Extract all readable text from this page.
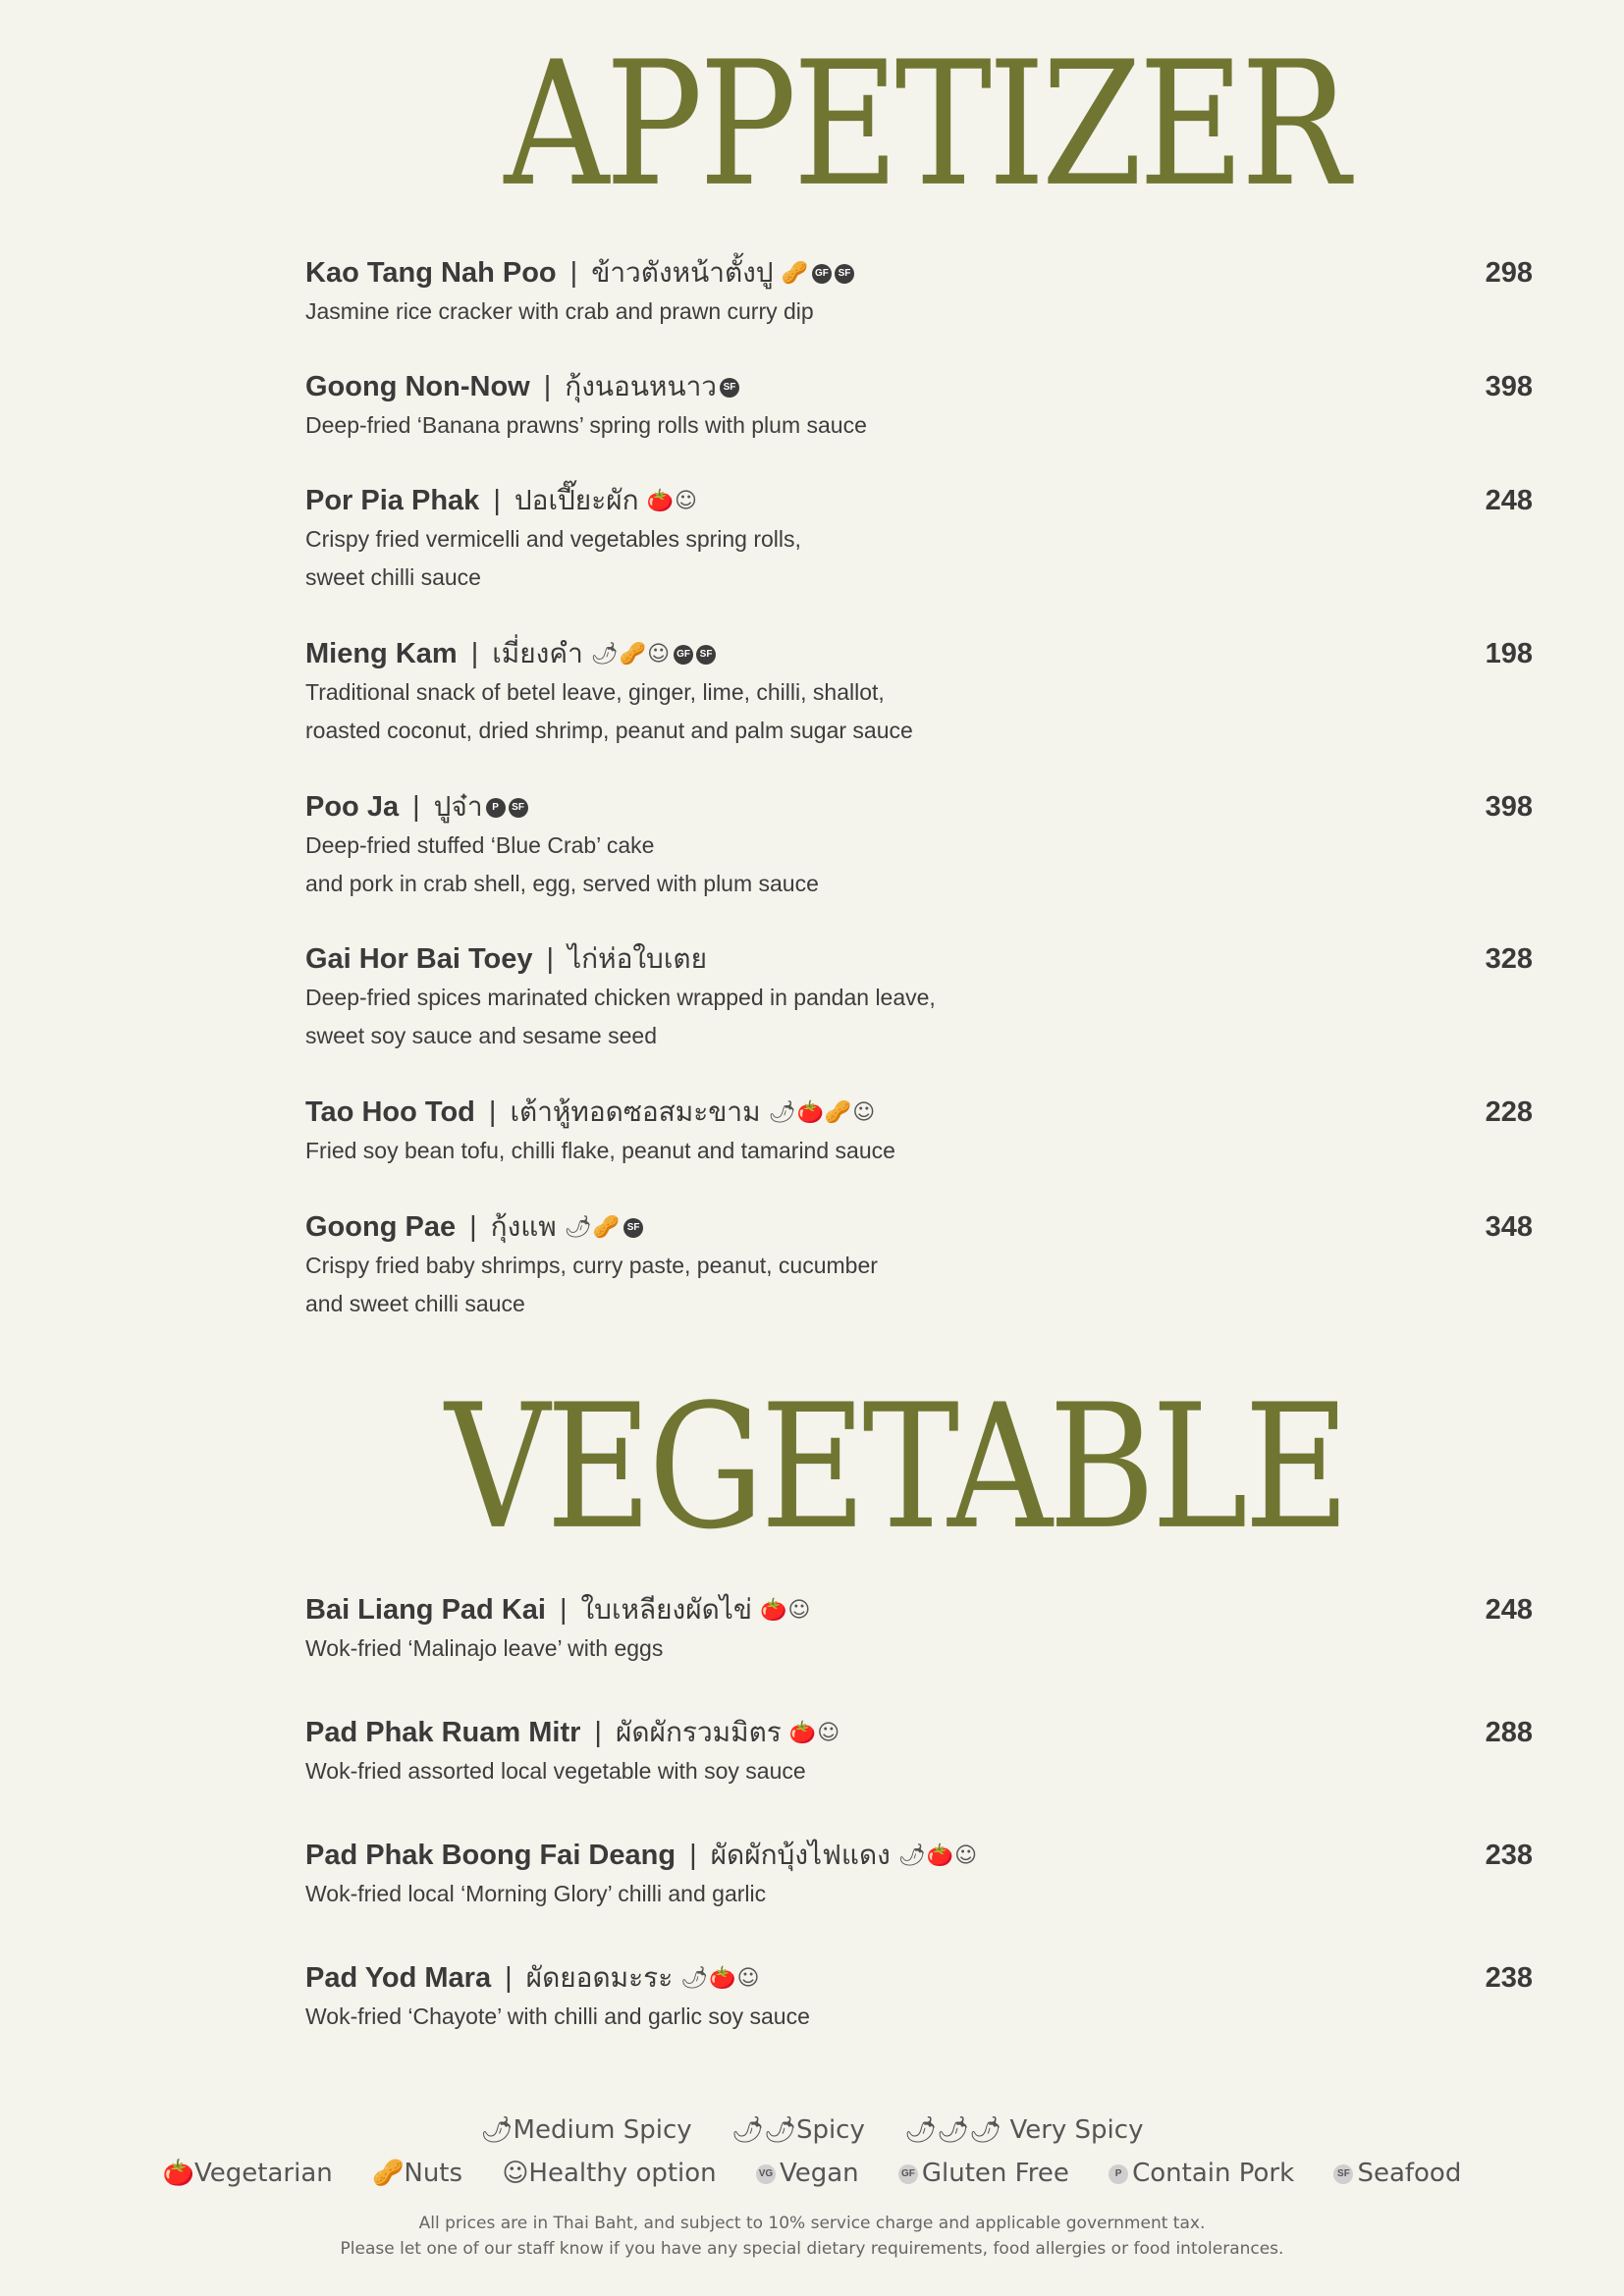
APPETIZER
Kao Tang Nah Poo | ข้าวตังหน้าตั้งปู 🥜 GF SF	298
Jasmine rice cracker with crab and prawn curry dip
Goong Non-Now | กุ้งนอนหนาว SF	398
Deep-fried ‘Banana prawns’ spring rolls with plum sauce
Por Pia Phak | ปอเปี๊ยะผัก 🍅☺	248
Crispy fried vermicelli and vegetables spring rolls,
sweet chilli sauce
Mieng Kam | เมี่ยงคำ 🌶🥜☺ GF SF	198
Traditional snack of betel leave, ginger, lime, chilli, shallot,
roasted coconut, dried shrimp, peanut and palm sugar sauce
Poo Ja | ปูจ๋า P SF	398
Deep-fried stuffed ‘Blue Crab’ cake
and pork in crab shell, egg, served with plum sauce
Gai Hor Bai Toey | ไก่ห่อใบเตย	328
Deep-fried spices marinated chicken wrapped in pandan leave,
sweet soy sauce and sesame seed
Tao Hoo Tod | เต้าหู้ทอดซอสมะขาม 🌶🍅🥜☺	228
Fried soy bean tofu, chilli flake, peanut and tamarind sauce
Goong Pae | กุ้งแพ 🌶🥜 SF	348
Crispy fried baby shrimps, curry paste, peanut, cucumber
and sweet chilli sauce
VEGETABLE
Bai Liang Pad Kai | ใบเหลียงผัดไข่ 🍅☺	248
Wok-fried ‘Malinajo leave’ with eggs
Pad Phak Ruam Mitr | ผัดผักรวมมิตร 🍅☺	288
Wok-fried assorted local vegetable with soy sauce
Pad Phak Boong Fai Deang | ผัดผักบุ้งไฟแดง 🌶🍅☺	238
Wok-fried local ‘Morning Glory’ chilli and garlic
Pad Yod Mara | ผัดยอดมะระ 🌶🍅☺	238
Wok-fried ‘Chayote’ with chilli and garlic soy sauce
🌶Medium Spicy 🌶🌶Spicy 🌶🌶🌶 Very Spicy
🍅Vegetarian 🥜Nuts ☺Healthy option	VG Vegan	GF Gluten Free	P Contain Pork	SF Seafood
All prices are in Thai Baht, and subject to 10% service charge and applicable government tax.
Please let one of our staff know if you have any special dietary requirements, food allergies or food intolerances.
